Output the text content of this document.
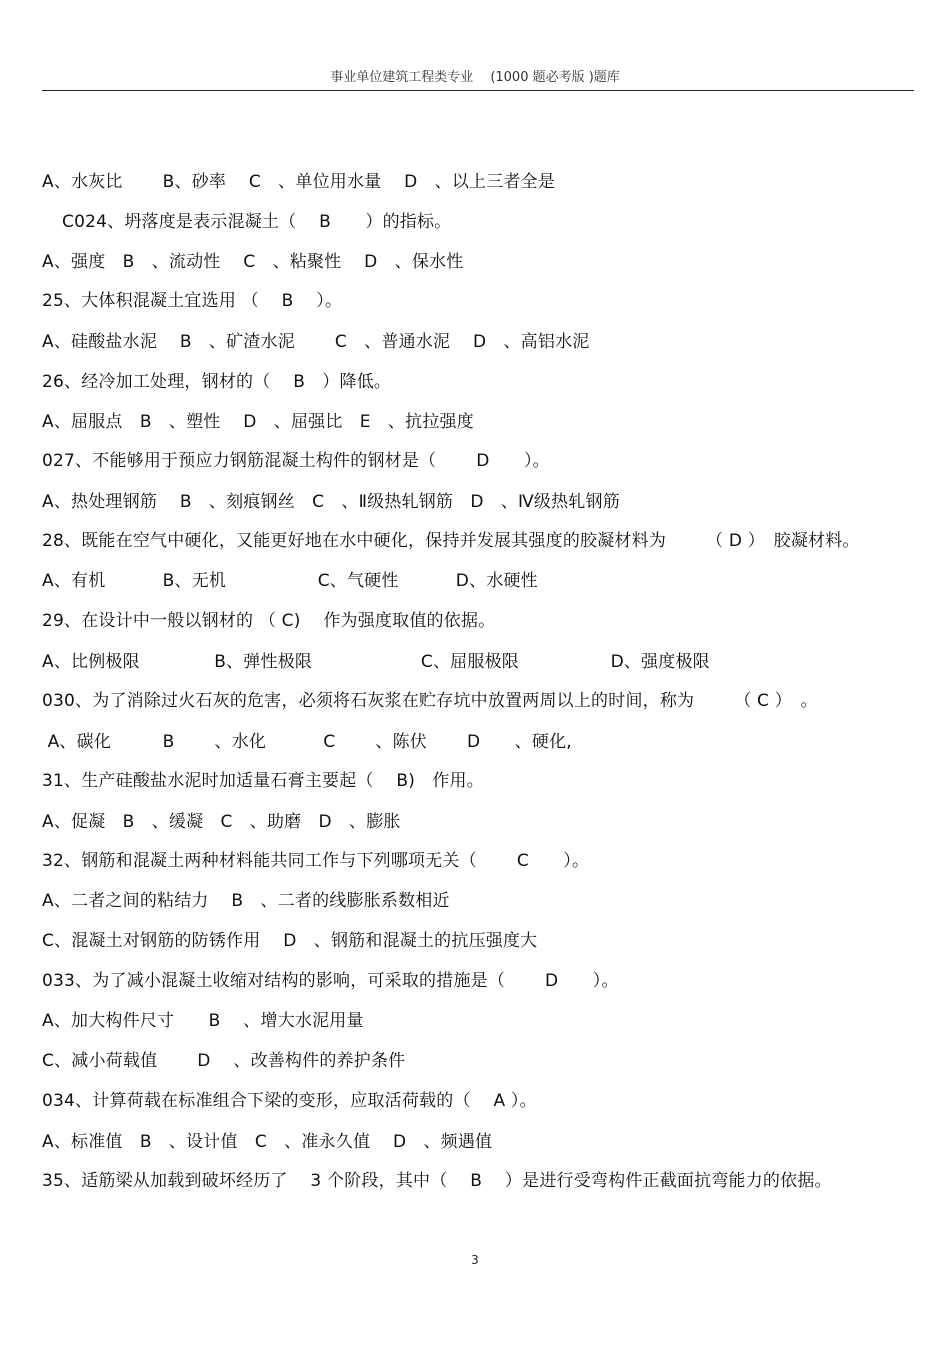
事业单位建筑工程类专业　 (1000 题必考版 )题库
A、水灰比　　 B、砂率　 C　、单位用水量　 D　、以上三者全是
C024、坍落度是表示混凝土（　 B　　）的指标。
A、强度　B　、流动性　 C　、粘聚性　 D　、保水性
25、大体积混凝土宜选用 （　 B　 ）。
A、硅酸盐水泥　 B　、矿渣水泥　　 C　、普通水泥　 D　、高铝水泥
26、经冷加工处理，钢材的（　 B　）降低。
A、屈服点　B　、塑性　 D　、屈强比　E　、抗拉强度
027、不能够用于预应力钢筋混凝土构件的钢材是（　　 D　　）。
A、热处理钢筋　 B　、刻痕钢丝　C　、Ⅱ级热轧钢筋　D　、Ⅳ级热轧钢筋
28、既能在空气中硬化，又能更好地在水中硬化，保持并发展其强度的胶凝材料为　　 （ D ）　胶凝材料。
A、有机　　　 B、无机　　　　　 C、气硬性　　　 D、水硬性
29、在设计中一般以钢材的 （ C)　 作为强度取值的依据。
A、比例极限　　　　 B、弹性极限　　　　　　 C、屈服极限　　　　　 D、强度极限
030、为了消除过火石灰的危害，必须将石灰浆在贮存坑中放置两周以上的时间，称为　　 （ C ）　。
A、碳化　　　B　　 、水化　　　 C　　 、陈伏　　 D　　、硬化,
31、生产硅酸盐水泥时加适量石膏主要起（　 B)　作用。
A、促凝　B　、缓凝　C　、助磨　D　、膨胀
32、钢筋和混凝土两种材料能共同工作与下列哪项无关（　　 C　　）。
A、二者之间的粘结力　 B　、二者的线膨胀系数相近
C、混凝土对钢筋的防锈作用　 D　、钢筋和混凝土的抗压强度大
033、为了减小混凝土收缩对结构的影响，可采取的措施是（　　 D　　）。
A、加大构件尺寸　　B　 、增大水泥用量
C、减小荷载值　　 D　 、改善构件的养护条件
034、计算荷载在标准组合下梁的变形，应取活荷载的（　 A ）。
A、标准值　B　、设计值　C　、准永久值　 D　、频遇值
35、适筋梁从加载到破坏经历了　 3 个阶段，其中（　 B　 ）是进行受弯构件正截面抗弯能力的依据。
3
